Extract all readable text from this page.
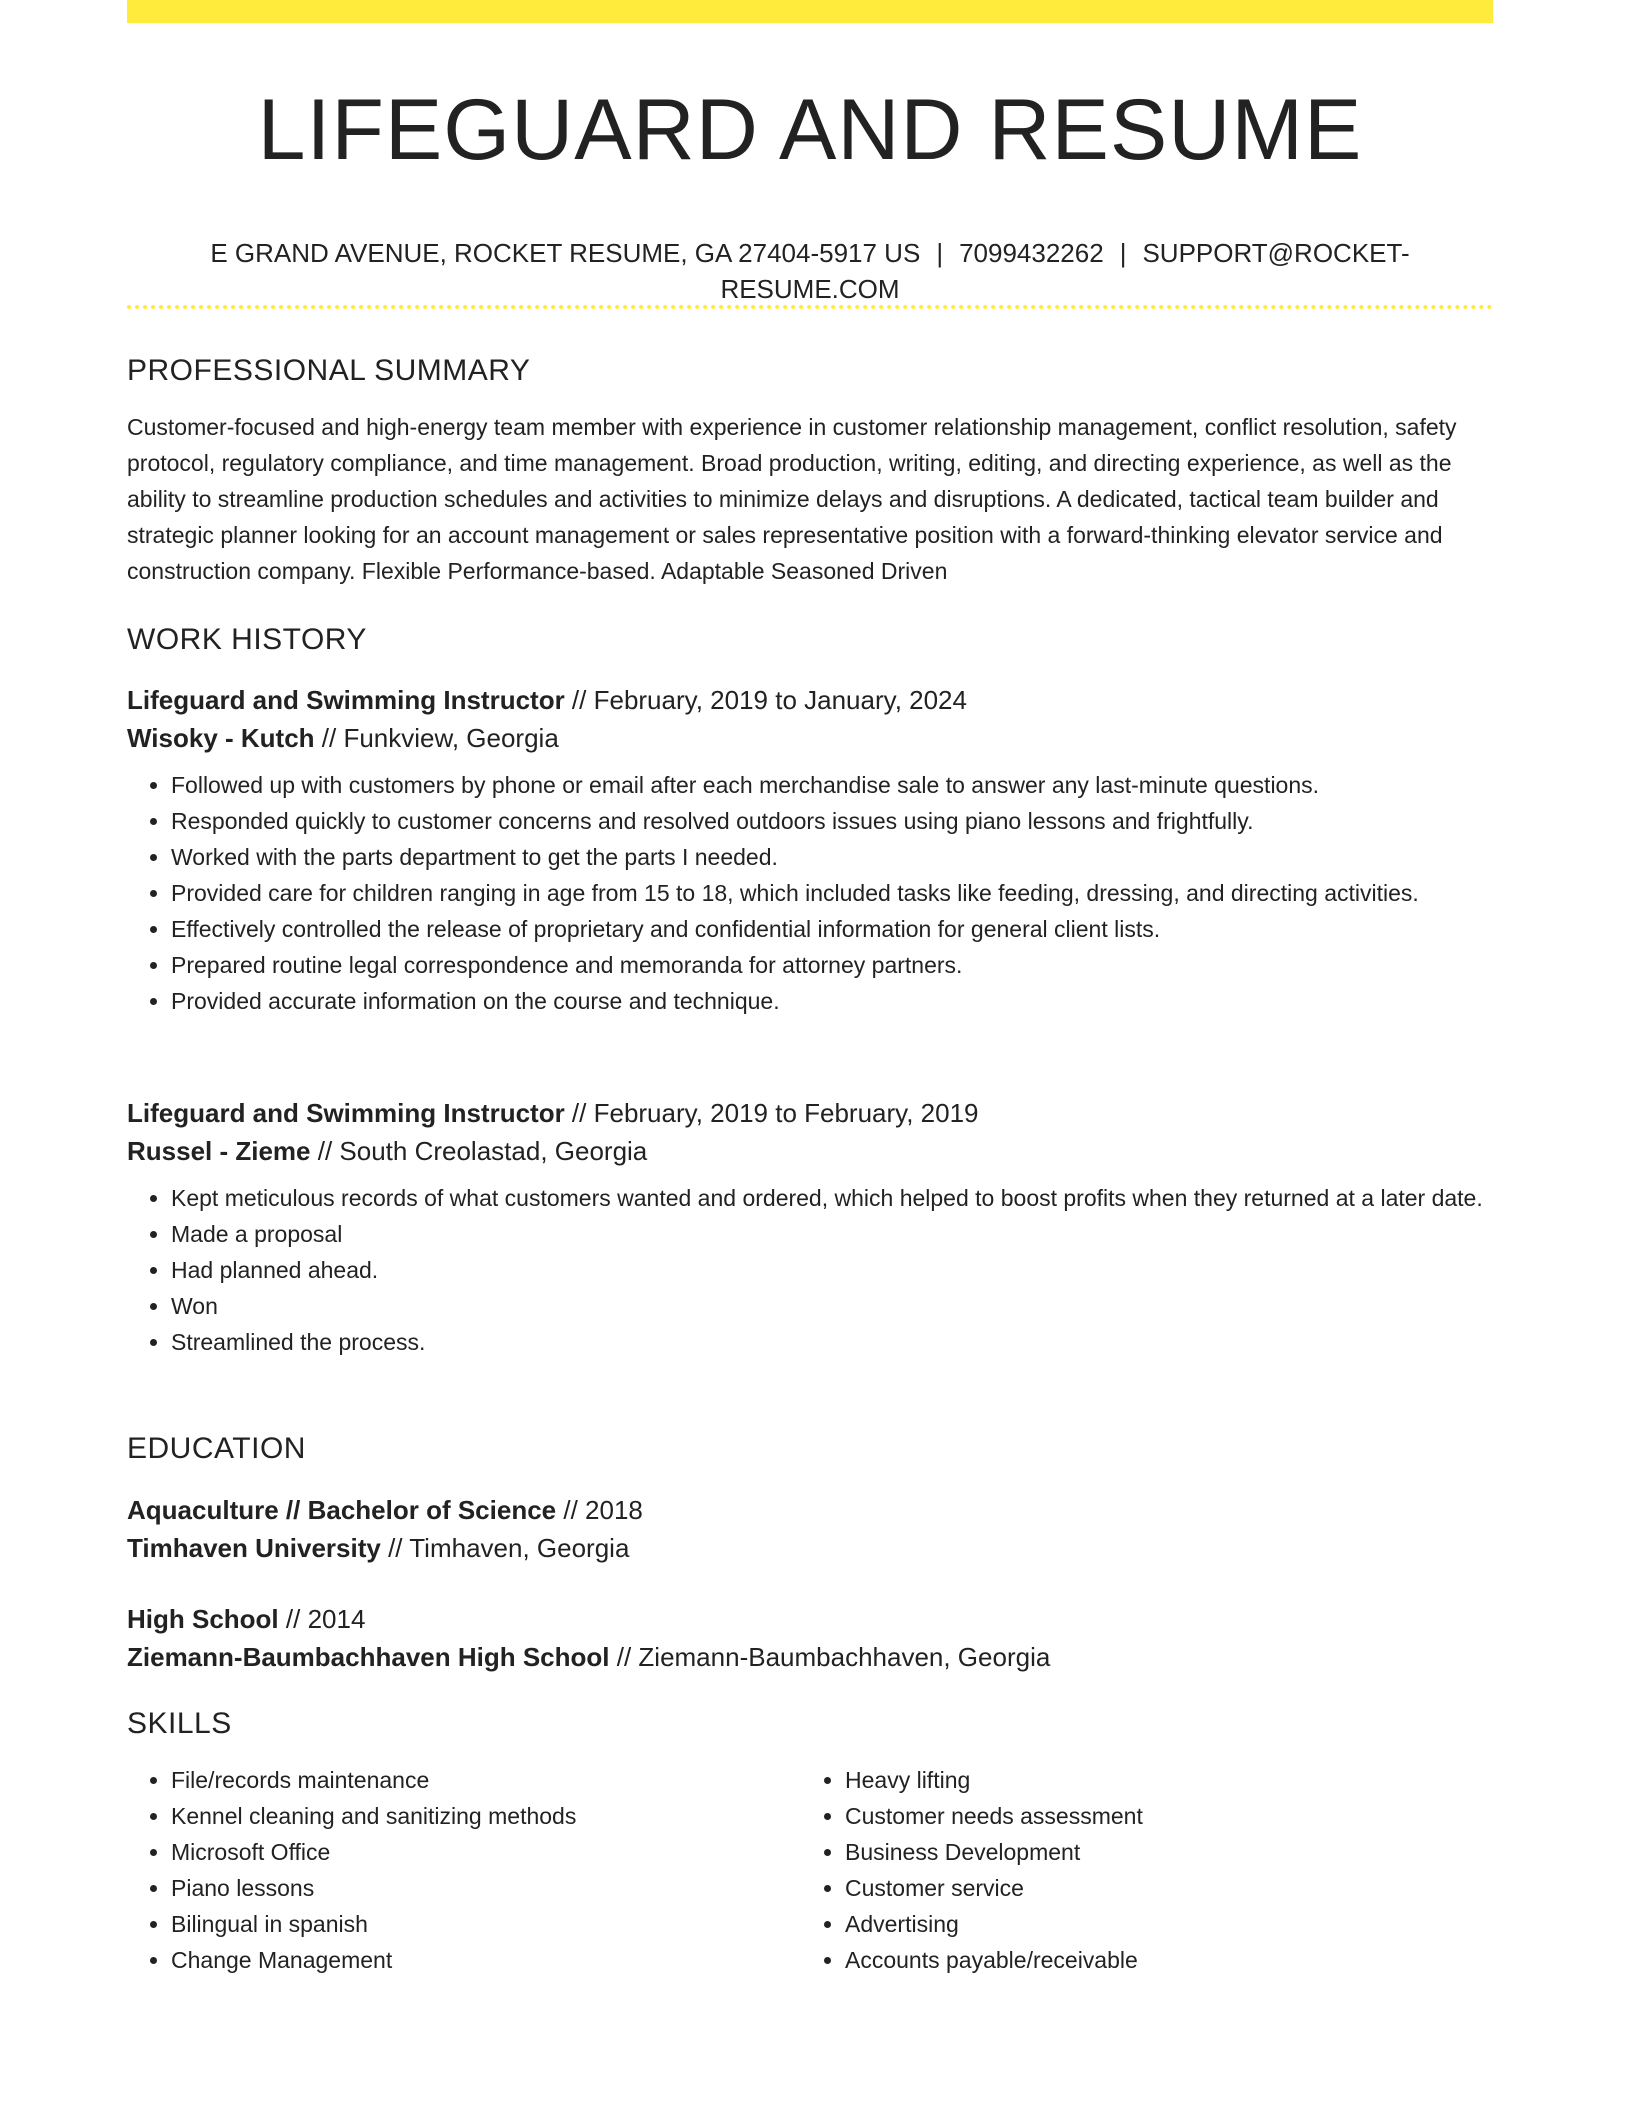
LIFEGUARD AND RESUME
E GRAND AVENUE, ROCKET RESUME, GA 27404-5917 US | 7099432262 | SUPPORT@ROCKET-RESUME.COM
PROFESSIONAL SUMMARY

Customer-focused and high-energy team member with experience in customer relationship management, conflict resolution, safety protocol, regulatory compliance, and time management. Broad production, writing, editing, and directing experience, as well as the ability to streamline production schedules and activities to minimize delays and disruptions. A dedicated, tactical team builder and strategic planner looking for an account management or sales representative position with a forward-thinking elevator service and construction company. Flexible Performance-based. Adaptable Seasoned Driven

WORK HISTORY
Lifeguard and Swimming Instructor // February, 2019 to January, 2024
Wisoky - Kutch // Funkview, Georgia
• Followed up with customers by phone or email after each merchandise sale to answer any last-minute questions.
• Responded quickly to customer concerns and resolved outdoors issues using piano lessons and frightfully.
• Worked with the parts department to get the parts I needed.
• Provided care for children ranging in age from 15 to 18, which included tasks like feeding, dressing, and directing activities.
• Effectively controlled the release of proprietary and confidential information for general client lists.
• Prepared routine legal correspondence and memoranda for attorney partners.
• Provided accurate information on the course and technique.
Lifeguard and Swimming Instructor // February, 2019 to February, 2019
Russel - Zieme // South Creolastad, Georgia
• Kept meticulous records of what customers wanted and ordered, which helped to boost profits when they returned at a later date.
• Made a proposal
• Had planned ahead.
• Won
• Streamlined the process.
EDUCATION
Aquaculture // Bachelor of Science // 2018
Timhaven University // Timhaven, Georgia
High School // 2014
Ziemann-Baumbachhaven High School // Ziemann-Baumbachhaven, Georgia
SKILLS
• File/records maintenance
• Kennel cleaning and sanitizing methods
• Microsoft Office
• Piano lessons
• Bilingual in spanish
• Change Management
• Heavy lifting
• Customer needs assessment
• Business Development
• Customer service
• Advertising
• Accounts payable/receivable
